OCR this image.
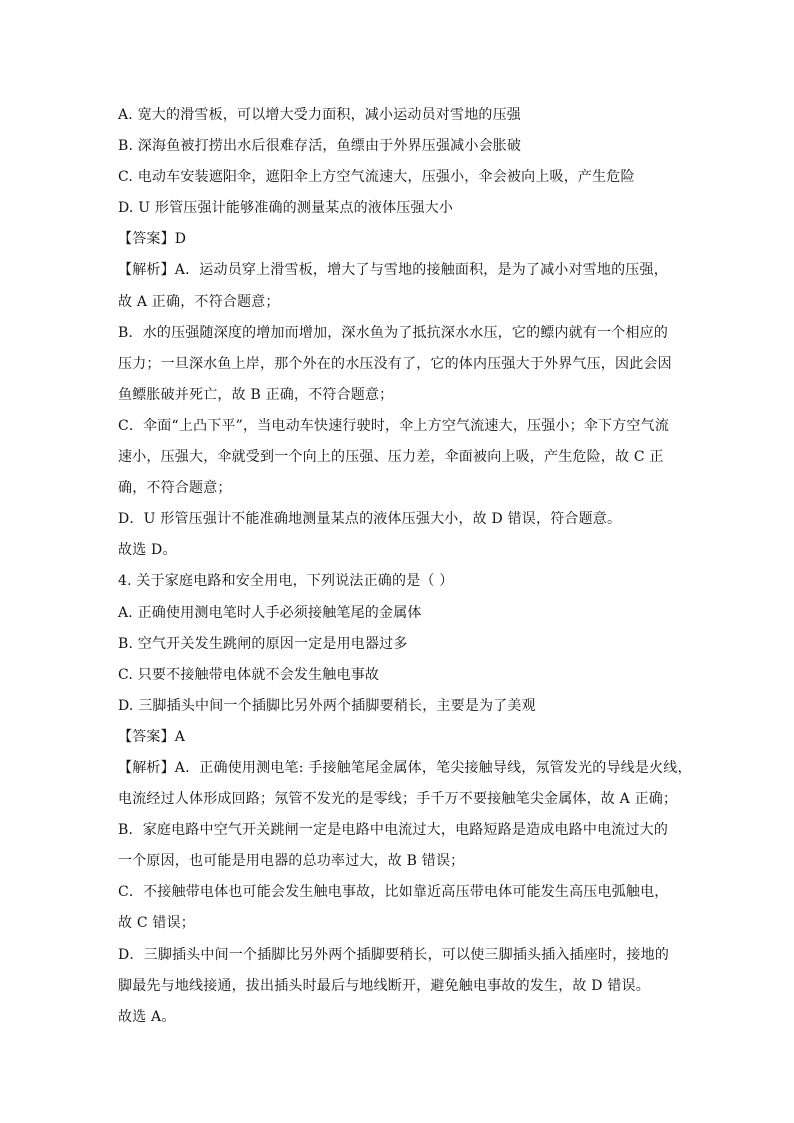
A. 宽大的滑雪板，可以增大受力面积，减小运动员对雪地的压强
B. 深海鱼被打捞出水后很难存活，鱼缥由于外界压强减小会胀破
C. 电动车安装遮阳伞，遮阳伞上方空气流速大，压强小，伞会被向上吸，产生危险
D. U 形管压强计能够准确的测量某点的液体压强大小
【答案】D
【解析】A．运动员穿上滑雪板，增大了与雪地的接触面积，是为了减小对雪地的压强，
故 A 正确，不符合题意；
B．水的压强随深度的增加而增加，深水鱼为了抵抗深水水压，它的鳔内就有一个相应的
压力；一旦深水鱼上岸，那个外在的水压没有了，它的体内压强大于外界气压，因此会因
鱼鳔胀破并死亡，故 B 正确，不符合题意；
C．伞面“上凸下平”，当电动车快速行驶时，伞上方空气流速大，压强小；伞下方空气流
速小，压强大，伞就受到一个向上的压强、压力差，伞面被向上吸，产生危险，故 C 正
确，不符合题意；
D．U 形管压强计不能准确地测量某点的液体压强大小，故 D 错误，符合题意。
故选 D。
4. 关于家庭电路和安全用电，下列说法正确的是（ ）
A. 正确使用测电笔时人手必须接触笔尾的金属体
B. 空气开关发生跳闸的原因一定是用电器过多
C. 只要不接触带电体就不会发生触电事故
D. 三脚插头中间一个插脚比另外两个插脚要稍长，主要是为了美观
【答案】A
【解析】A．正确使用测电笔: 手接触笔尾金属体，笔尖接触导线，氖管发光的导线是火线，
电流经过人体形成回路；氖管不发光的是零线；手千万不要接触笔尖金属体，故 A 正确；
B．家庭电路中空气开关跳闸一定是电路中电流过大，电路短路是造成电路中电流过大的
一个原因，也可能是用电器的总功率过大，故 B 错误；
C．不接触带电体也可能会发生触电事故，比如靠近高压带电体可能发生高压电弧触电，
故 C 错误；
D．三脚插头中间一个插脚比另外两个插脚要稍长，可以使三脚插头插入插座时，接地的
脚最先与地线接通，拔出插头时最后与地线断开，避免触电事故的发生，故 D 错误。
故选 A。
